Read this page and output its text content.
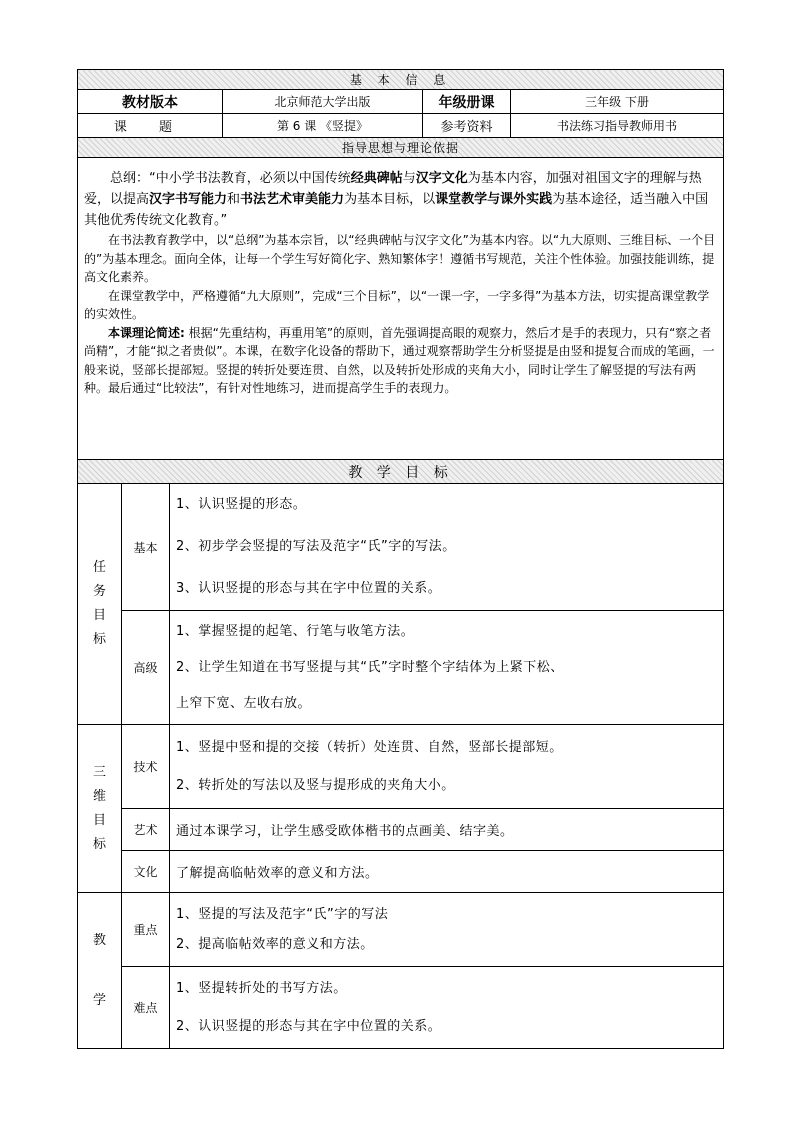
基 本 信 息					
教材版本			北京师范大学出版	年级册课	三年级 下册
课 题			第 6 课 《竖提》	参考资料	书法练习指导教师用书
指导思想与理论依据					

总纲：“中小学书法教育，必须以中国传统经典碑帖与汉字文化为基本内容，加强对祖国文字的理解与热爱，以提高汉字书写能力和书法艺术审美能力为基本目标，以课堂教学与课外实践为基本途径，适当融入中国其他优秀传统文化教育。”

在书法教育教学中，以“总纲”为基本宗旨，以“经典碑帖与汉字文化”为基本内容。以“九大原则、三维目标、一个目的”为基本理念。面向全体，让每一个学生写好简化字、熟知繁体字！遵循书写规范，关注个性体验。加强技能训练，提高文化素养。

在课堂教学中，严格遵循“九大原则”，完成“三个目标”，以“一课一字，一字多得”为基本方法，切实提高课堂教学的实效性。

本课理论简述: 根据“先重结构，再重用笔”的原则，首先强调提高眼的观察力，然后才是手的表现力，只有“察之者尚精”，才能“拟之者贵似”。本课，在数字化设备的帮助下，通过观察帮助学生分析竖提是由竖和提复合而成的笔画，一般来说，竖部长提部短。竖提的转折处要连贯、自然，以及转折处形成的夹角大小，同时让学生了解竖提的写法有两种。最后通过“比较法”，有针对性地练习，进而提高学生手的表现力。					

教 学 目 标					

任
务
目
标	基本	1、认识竖提的形态。
2、初步学会竖提的写法及范字“氏”字的写法。
3、认识竖提的形态与其在字中位置的关系。			

	高级	1、掌握竖提的起笔、行笔与收笔方法。
2、让学生知道在书写竖提与其“氏”字时整个字结体为上紧下松、
上窄下宽、左收右放。			

三
维
目
标	技术	1、竖提中竖和提的交接（转折）处连贯、自然，竖部长提部短。
2、转折处的写法以及竖与提形成的夹角大小。			

	艺术	通过本课学习，让学生感受欧体楷书的点画美、结字美。			
	文化	了解提高临帖效率的意义和方法。			

教
学	重点	1、竖提的写法及范字“氏”字的写法
2、提高临帖效率的意义和方法。			

	难点	1、竖提转折处的书写方法。
2、认识竖提的形态与其在字中位置的关系。			
